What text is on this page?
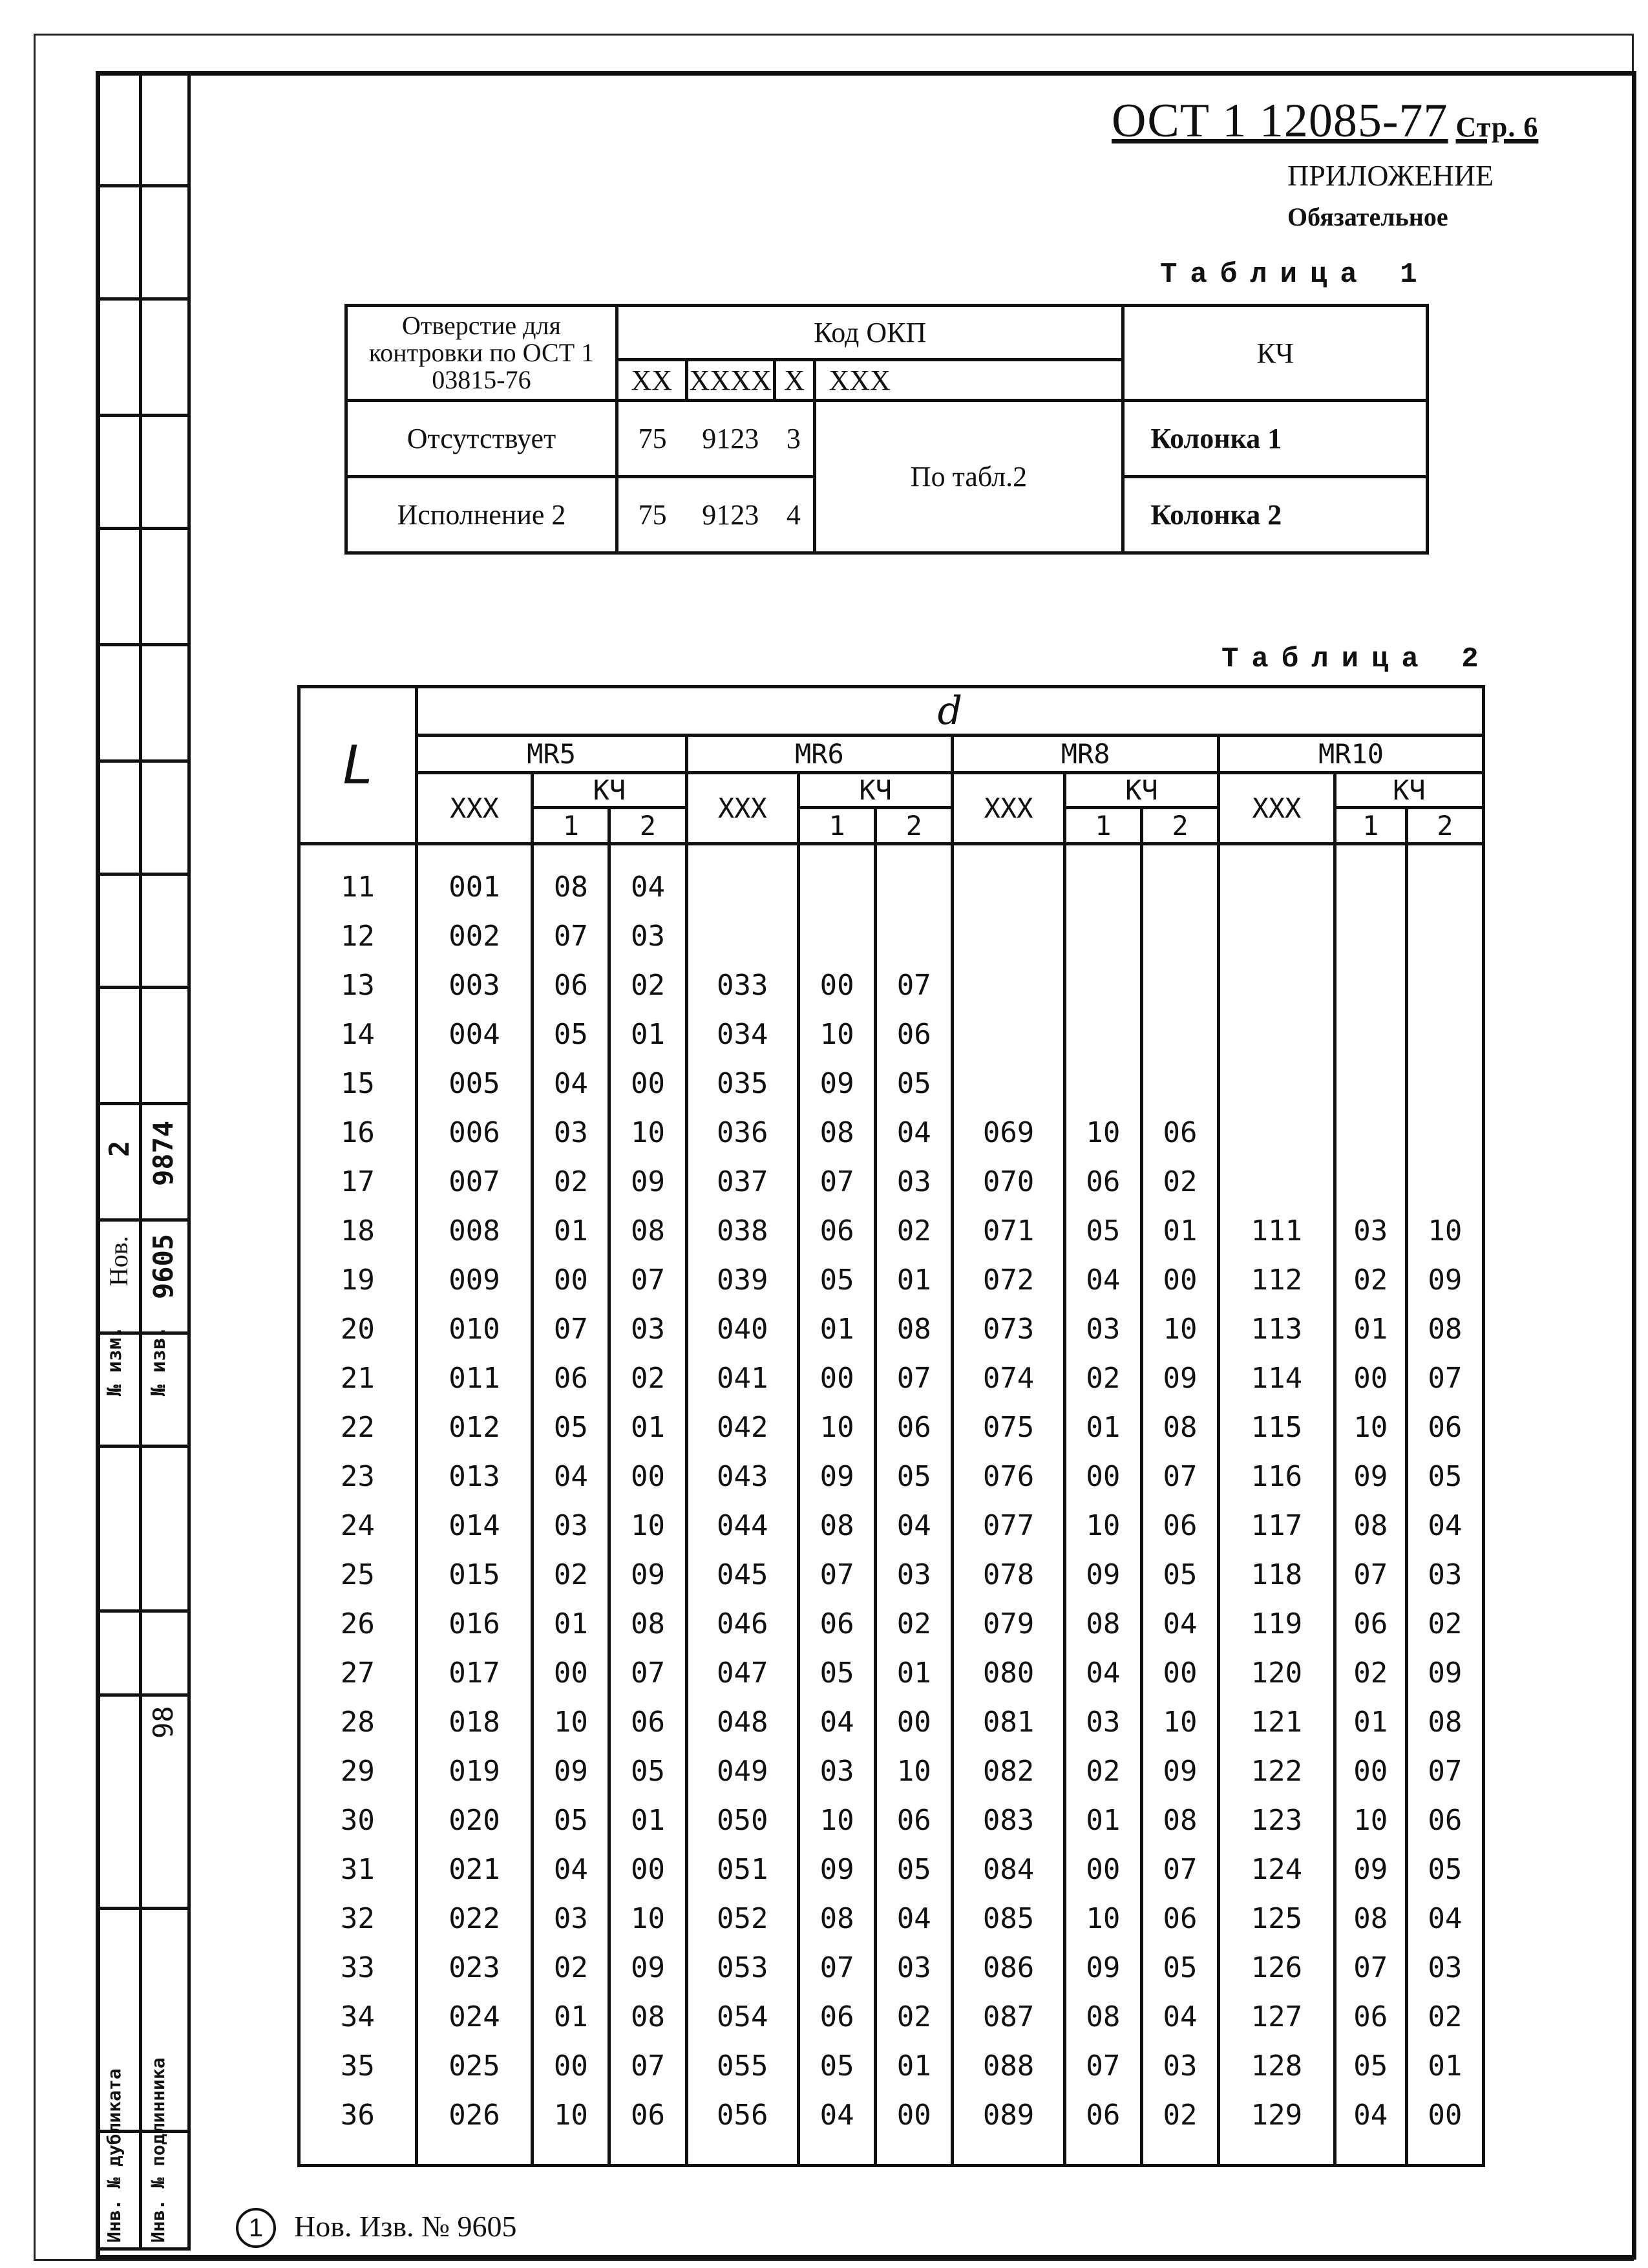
2 9874
Нов. 9605
№ изм. № изв.
98
Инв. № дубликата Инв. № подлинника
ОСТ 1 12085-77 Стр. 6
ПРИЛОЖЕНИЕ
Обязательное
Таблица 1
Отверстие для контровки по ОСТ 1 03815-76	Код ОКП				КЧ
	XX	XXXX	X	XXX	
Отсутствует	75	9123	3	По табл.2	Колонка 1
Исполнение 2	75	9123	4		Колонка 2
Таблица 2
L	d											
	MR5			MR6			MR8			MR10		
	XXX	КЧ		XXX	КЧ		XXX	КЧ		XXX	КЧ	
		1	2		1	2		1	2		1	2
11	001	08	04									
12	002	07	03									
13	003	06	02	033	00	07						
14	004	05	01	034	10	06						
15	005	04	00	035	09	05						
16	006	03	10	036	08	04	069	10	06			
17	007	02	09	037	07	03	070	06	02			
18	008	01	08	038	06	02	071	05	01	111	03	10
19	009	00	07	039	05	01	072	04	00	112	02	09
20	010	07	03	040	01	08	073	03	10	113	01	08
21	011	06	02	041	00	07	074	02	09	114	00	07
22	012	05	01	042	10	06	075	01	08	115	10	06
23	013	04	00	043	09	05	076	00	07	116	09	05
24	014	03	10	044	08	04	077	10	06	117	08	04
25	015	02	09	045	07	03	078	09	05	118	07	03
26	016	01	08	046	06	02	079	08	04	119	06	02
27	017	00	07	047	05	01	080	04	00	120	02	09
28	018	10	06	048	04	00	081	03	10	121	01	08
29	019	09	05	049	03	10	082	02	09	122	00	07
30	020	05	01	050	10	06	083	01	08	123	10	06
31	021	04	00	051	09	05	084	00	07	124	09	05
32	022	03	10	052	08	04	085	10	06	125	08	04
33	023	02	09	053	07	03	086	09	05	126	07	03
34	024	01	08	054	06	02	087	08	04	127	06	02
35	025	00	07	055	05	01	088	07	03	128	05	01
36	026	10	06	056	04	00	089	06	02	129	04	00
1 Нов. Изв. № 9605
